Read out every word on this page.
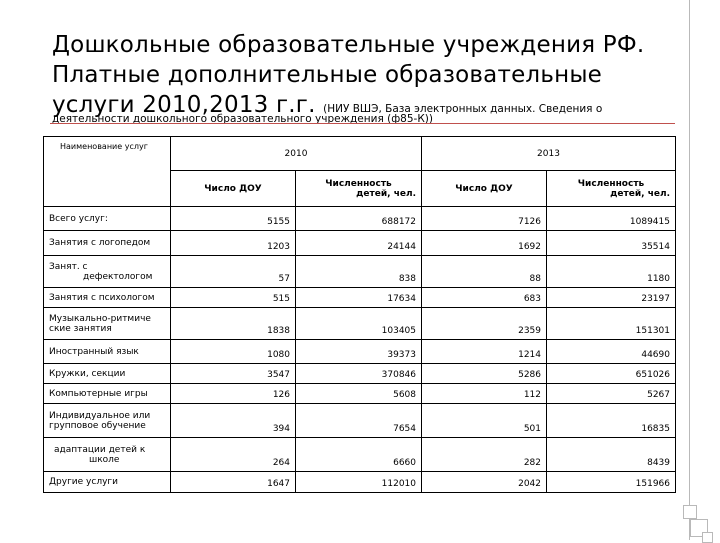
Дошкольные образовательные учреждения РФ.
Платные дополнительные образовательные
услуги 2010,2013 г.г. (НИУ ВШЭ, База электронных данных. Сведения о
деятельности дошкольного образовательного учреждения (ф85-К))
Наименование услуг	2010		2013	
	Число ДОУ	Численность
детей, чел.	Число ДОУ	Численность
детей, чел.

Всего услуг:	5155	688172	7126	1089415
Занятия с логопедом	1203	24144	1692	35514

Занят. с
дефектологом	57	838	88	1180
Занятия с психологом	515	17634	683	23197

Музыкально-ритмиче
ские занятия	1838	103405	2359	151301
Иностранный язык	1080	39373	1214	44690
Кружки, секции	3547	370846	5286	651026
Компьютерные игры	126	5608	112	5267

Индивидуальное или
групповое обучение	394	7654	501	16835

адаптации детей к
школе	264	6660	282	8439
Другие услуги	1647	112010	2042	151966
